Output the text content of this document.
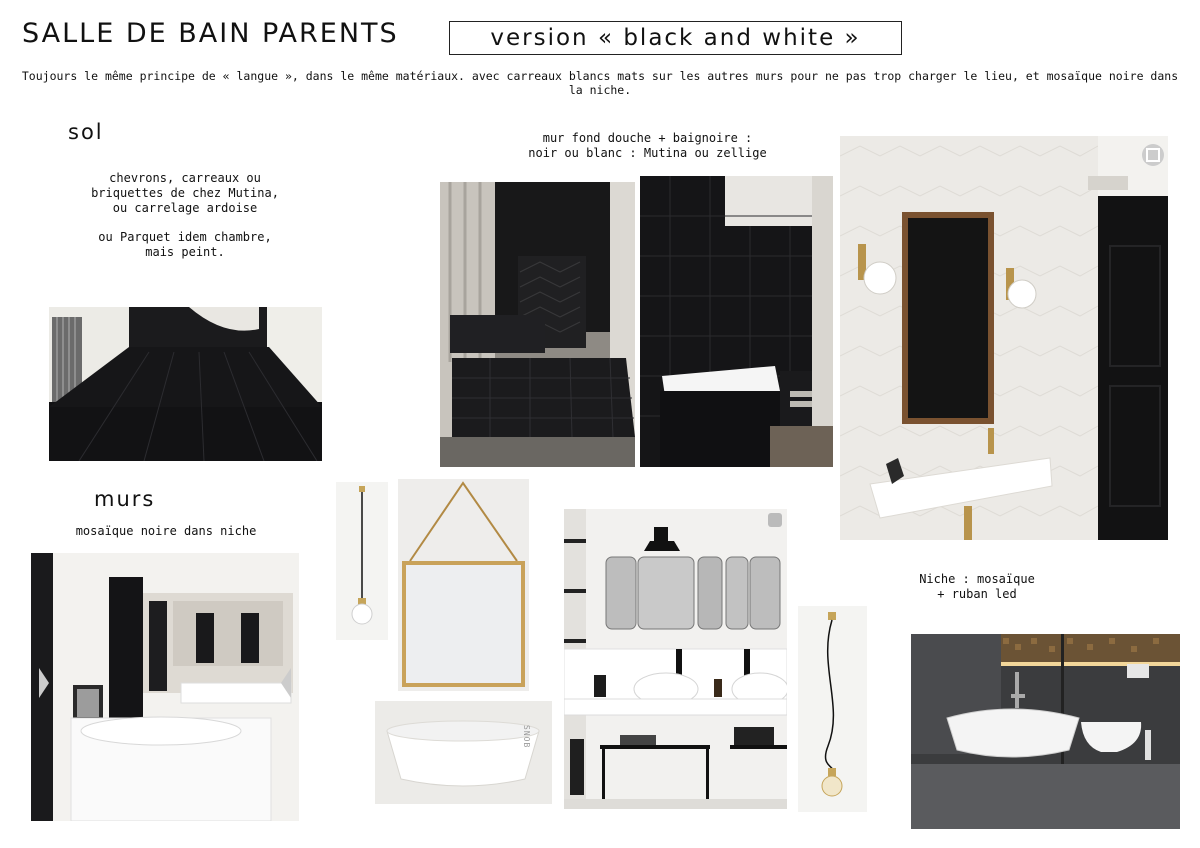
SALLE DE BAIN PARENTS	version « black and white »
Toujours le même principe de « langue », dans le même matériaux. avec carreaux blancs mats sur les autres murs pour ne pas trop charger le lieu, et mosaïque noire dans la niche.
sol
chevrons, carreaux ou
briquettes de chez Mutina,
ou carrelage ardoise
ou Parquet idem chambre,
mais peint.
murs
mosaïque noire dans niche
mur fond douche + baignoire :
noir ou blanc : Mutina ou zellige
SNOB
Niche : mosaïque
+ ruban led
